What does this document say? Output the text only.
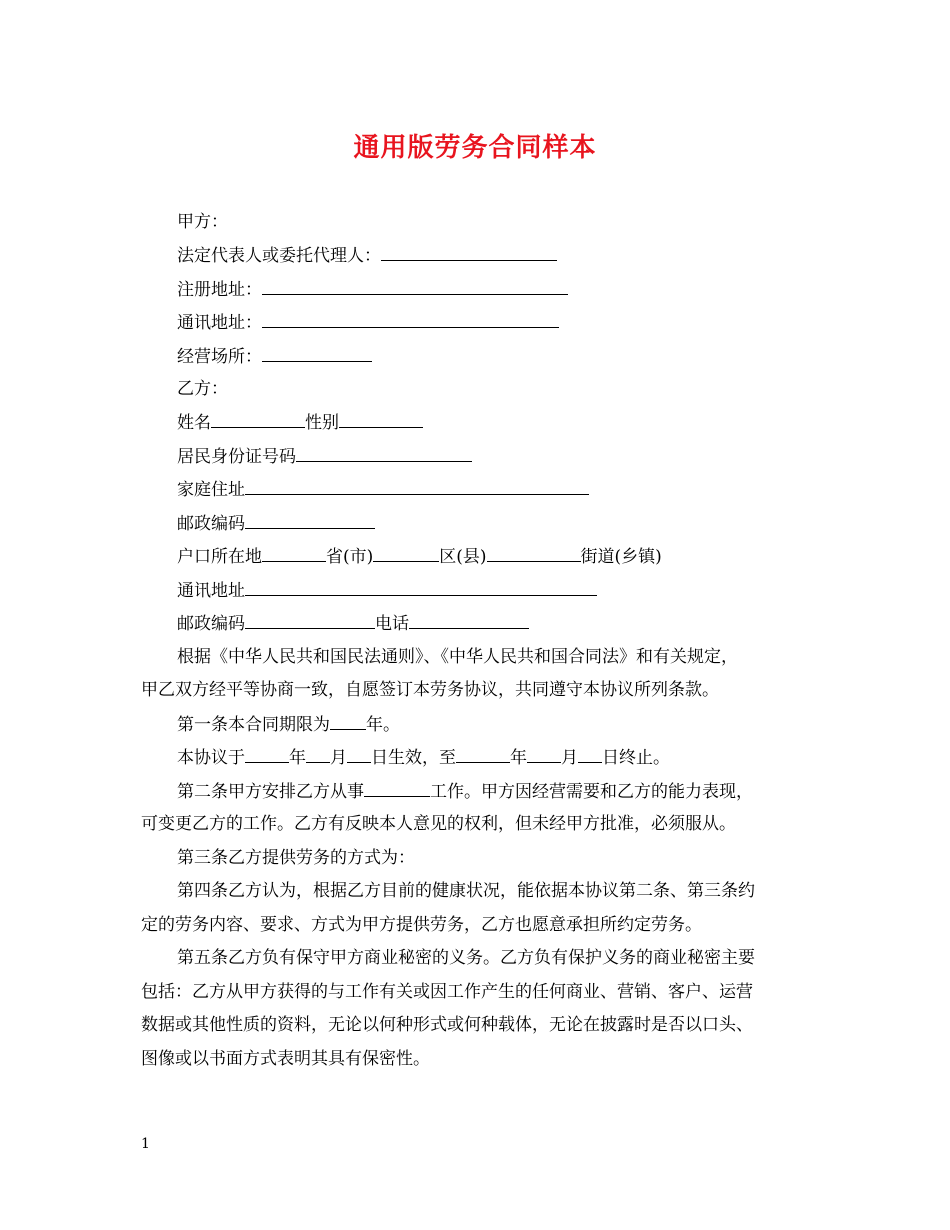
通用版劳务合同样本
甲方：
法定代表人或委托代理人：
注册地址：
通讯地址：
经营场所：
乙方：
姓名	性别
居民身份证号码
家庭住址
邮政编码
户口所在地	省(市)	区(县)	街道(乡镇)
通讯地址
邮政编码	电话
根据《中华人民共和国民法通则》、《中华人民共和国合同法》和有关规定，
甲乙双方经平等协商一致，自愿签订本劳务协议，共同遵守本协议所列条款。
第一条本合同期限为 年。
本协议于	年 月 日生效，至	年 月 日终止。
第二条甲方安排乙方从事	工作。甲方因经营需要和乙方的能力表现，
可变更乙方的工作。乙方有反映本人意见的权利，但未经甲方批准，必须服从。
第三条乙方提供劳务的方式为：
第四条乙方认为，根据乙方目前的健康状况，能依据本协议第二条、第三条约
定的劳务内容、要求、方式为甲方提供劳务，乙方也愿意承担所约定劳务。
第五条乙方负有保守甲方商业秘密的义务。乙方负有保护义务的商业秘密主要
包括：乙方从甲方获得的与工作有关或因工作产生的任何商业、营销、客户、运营
数据或其他性质的资料，无论以何种形式或何种载体，无论在披露时是否以口头、
图像或以书面方式表明其具有保密性。
1
